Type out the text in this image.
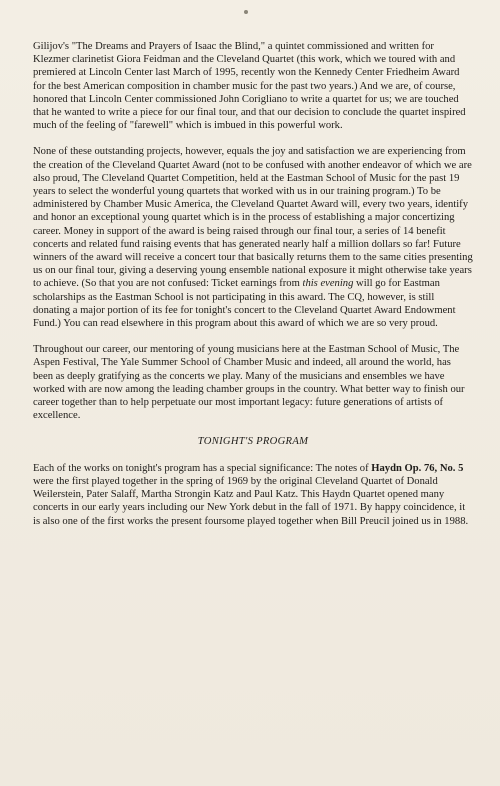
Gilijov's "The Dreams and Prayers of Isaac the Blind," a quintet commissioned and written for Klezmer clarinetist Giora Feidman and the Cleveland Quartet (this work, which we toured with and premiered at Lincoln Center last March of 1995, recently won the Kennedy Center Friedheim Award for the best American composition in chamber music for the past two years.) And we are, of course, honored that Lincoln Center commissioned John Corigliano to write a quartet for us; we are touched that he wanted to write a piece for our final tour, and that our decision to conclude the quartet inspired much of the feeling of "farewell" which is imbued in this powerful work.

None of these outstanding projects, however, equals the joy and satisfaction we are experiencing from the creation of the Cleveland Quartet Award (not to be confused with another endeavor of which we are also proud, The Cleveland Quartet Competition, held at the Eastman School of Music for the past 19 years to select the wonderful young quartets that worked with us in our training program.) To be administered by Chamber Music America, the Cleveland Quartet Award will, every two years, identify and honor an exceptional young quartet which is in the process of establishing a major concertizing career. Money in support of the award is being raised through our final tour, a series of 14 benefit concerts and related fund raising events that has generated nearly half a million dollars so far! Future winners of the award will receive a concert tour that basically returns them to the same cities presenting us on our final tour, giving a deserving young ensemble national exposure it might otherwise take years to achieve. (So that you are not confused: Ticket earnings from this evening will go for Eastman scholarships as the Eastman School is not participating in this award. The CQ, however, is still donating a major portion of its fee for tonight's concert to the Cleveland Quartet Award Endowment Fund.) You can read elsewhere in this program about this award of which we are so very proud.

Throughout our career, our mentoring of young musicians here at the Eastman School of Music, The Aspen Festival, The Yale Summer School of Chamber Music and indeed, all around the world, has been as deeply gratifying as the concerts we play. Many of the musicians and ensembles we have worked with are now among the leading chamber groups in the country. What better way to finish our career together than to help perpetuate our most important legacy: future generations of artists of excellence.

TONIGHT'S PROGRAM

Each of the works on tonight's program has a special significance: The notes of Haydn Op. 76, No. 5 were the first played together in the spring of 1969 by the original Cleveland Quartet of Donald Weilerstein, Pater Salaff, Martha Strongin Katz and Paul Katz. This Haydn Quartet opened many concerts in our early years including our New York debut in the fall of 1971. By happy coincidence, it is also one of the first works the present foursome played together when Bill Preucil joined us in 1988.
